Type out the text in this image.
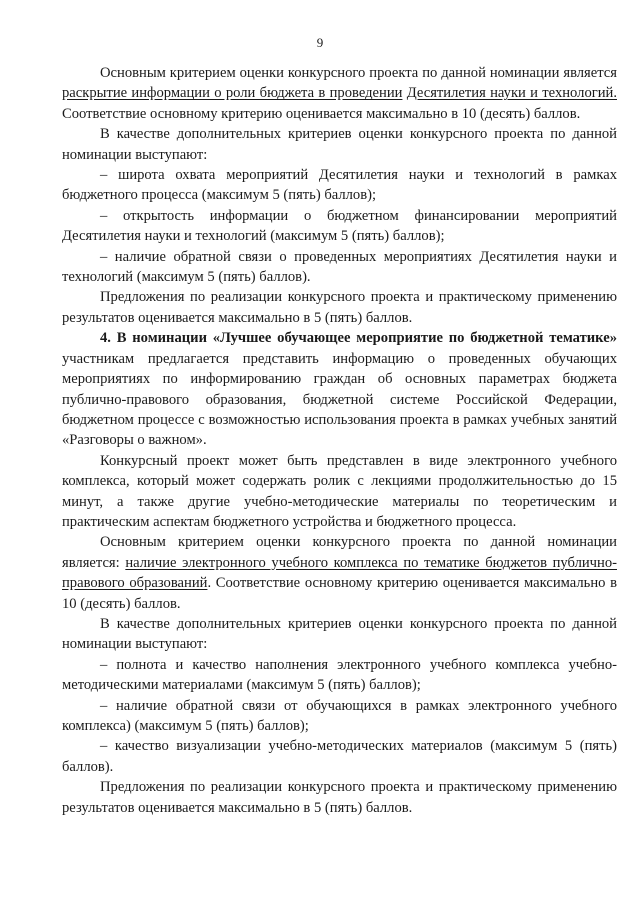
9

Основным критерием оценки конкурсного проекта по данной номинации является раскрытие информации о роли бюджета в проведении Десятилетия науки и технологий. Соответствие основному критерию оценивается максимально в 10 (десять) баллов.

В качестве дополнительных критериев оценки конкурсного проекта по данной номинации выступают:

– широта охвата мероприятий Десятилетия науки и технологий в рамках бюджетного процесса (максимум 5 (пять) баллов);

– открытость информации о бюджетном финансировании мероприятий Десятилетия науки и технологий (максимум 5 (пять) баллов);

– наличие обратной связи о проведенных мероприятиях Десятилетия науки и технологий (максимум 5 (пять) баллов).

Предложения по реализации конкурсного проекта и практическому применению результатов оценивается максимально в 5 (пять) баллов.

4. В номинации «Лучшее обучающее мероприятие по бюджетной тематике» участникам предлагается представить информацию о проведенных обучающих мероприятиях по информированию граждан об основных параметрах бюджета публично-правового образования, бюджетной системе Российской Федерации, бюджетном процессе с возможностью использования проекта в рамках учебных занятий «Разговоры о важном».

Конкурсный проект может быть представлен в виде электронного учебного комплекса, который может содержать ролик с лекциями продолжительностью до 15 минут, а также другие учебно-методические материалы по теоретическим и практическим аспектам бюджетного устройства и бюджетного процесса.

Основным критерием оценки конкурсного проекта по данной номинации является: наличие электронного учебного комплекса по тематике бюджетов публично-правового образований. Соответствие основному критерию оценивается максимально в 10 (десять) баллов.

В качестве дополнительных критериев оценки конкурсного проекта по данной номинации выступают:

– полнота и качество наполнения электронного учебного комплекса учебно-методическими материалами (максимум 5 (пять) баллов);

– наличие обратной связи от обучающихся в рамках электронного учебного комплекса) (максимум 5 (пять) баллов);

– качество визуализации учебно-методических материалов (максимум 5 (пять) баллов).

Предложения по реализации конкурсного проекта и практическому применению результатов оценивается максимально в 5 (пять) баллов.
